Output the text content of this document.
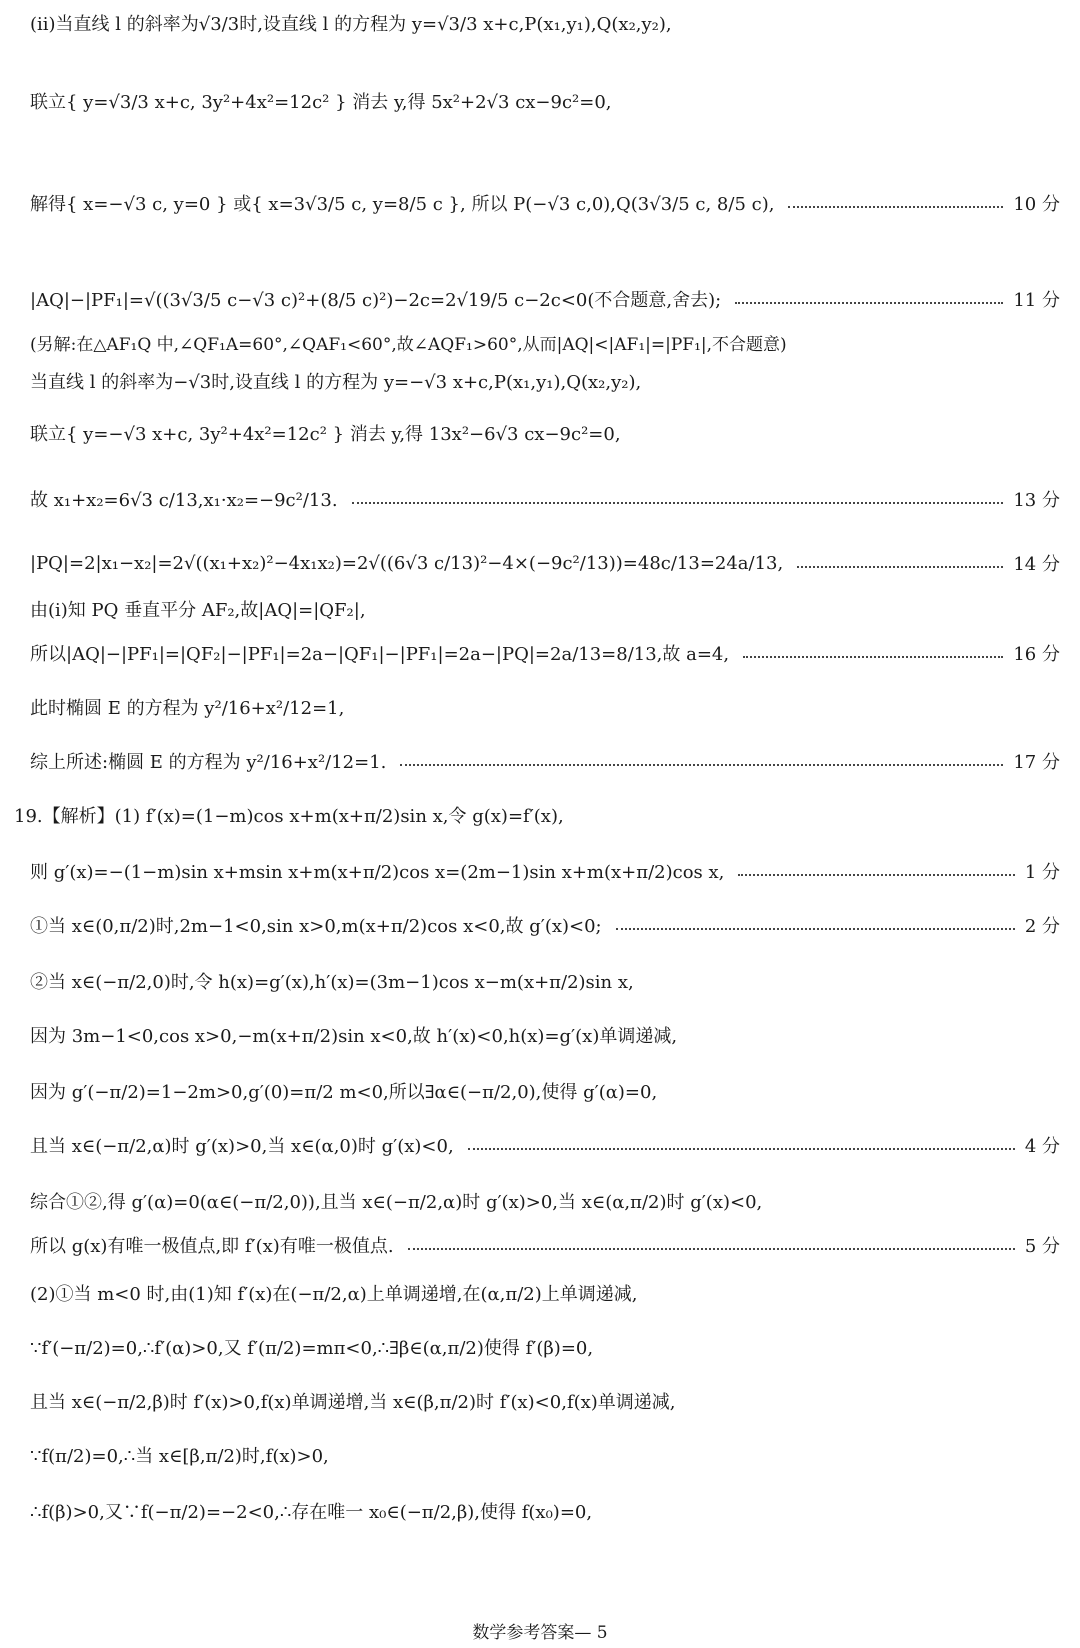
(ⅱ)当直线 l 的斜率为√3/3时,设直线 l 的方程为 y=√3/3 x+c,P(x₁,y₁),Q(x₂,y₂),
联立{ y=√3/3 x+c, 3y²+4x²=12c² } 消去 y,得 5x²+2√3 cx−9c²=0,
解得{ x=−√3 c, y=0 } 或{ x=3√3/5 c, y=8/5 c }, 所以 P(−√3 c,0),Q(3√3/5 c, 8/5 c),	10 分
|AQ|−|PF₁|=√((3√3/5 c−√3 c)²+(8/5 c)²)−2c=2√19/5 c−2c<0(不合题意,舍去);	11 分
(另解:在△AF₁Q 中,∠QF₁A=60°,∠QAF₁<60°,故∠AQF₁>60°,从而|AQ|<|AF₁|=|PF₁|,不合题意)
当直线 l 的斜率为−√3时,设直线 l 的方程为 y=−√3 x+c,P(x₁,y₁),Q(x₂,y₂),
联立{ y=−√3 x+c, 3y²+4x²=12c² } 消去 y,得 13x²−6√3 cx−9c²=0,
故 x₁+x₂=6√3 c/13,x₁·x₂=−9c²/13.	13 分
|PQ|=2|x₁−x₂|=2√((x₁+x₂)²−4x₁x₂)=2√((6√3 c/13)²−4×(−9c²/13))=48c/13=24a/13,	14 分
由(ⅰ)知 PQ 垂直平分 AF₂,故|AQ|=|QF₂|,
所以|AQ|−|PF₁|=|QF₂|−|PF₁|=2a−|QF₁|−|PF₁|=2a−|PQ|=2a/13=8/13,故 a=4,	16 分
此时椭圆 E 的方程为 y²/16+x²/12=1,
综上所述:椭圆 E 的方程为 y²/16+x²/12=1.	17 分
19.【解析】(1) f′(x)=(1−m)cos x+m(x+π/2)sin x,令 g(x)=f′(x),
则 g′(x)=−(1−m)sin x+msin x+m(x+π/2)cos x=(2m−1)sin x+m(x+π/2)cos x,	1 分
①当 x∈(0,π/2)时,2m−1<0,sin x>0,m(x+π/2)cos x<0,故 g′(x)<0;	2 分
②当 x∈(−π/2,0)时,令 h(x)=g′(x),h′(x)=(3m−1)cos x−m(x+π/2)sin x,
因为 3m−1<0,cos x>0,−m(x+π/2)sin x<0,故 h′(x)<0,h(x)=g′(x)单调递减,
因为 g′(−π/2)=1−2m>0,g′(0)=π/2 m<0,所以∃α∈(−π/2,0),使得 g′(α)=0,
且当 x∈(−π/2,α)时 g′(x)>0,当 x∈(α,0)时 g′(x)<0,	4 分
综合①②,得 g′(α)=0(α∈(−π/2,0)),且当 x∈(−π/2,α)时 g′(x)>0,当 x∈(α,π/2)时 g′(x)<0,
所以 g(x)有唯一极值点,即 f′(x)有唯一极值点.	5 分
(2)①当 m<0 时,由(1)知 f′(x)在(−π/2,α)上单调递增,在(α,π/2)上单调递减,
∵f′(−π/2)=0,∴f′(α)>0,又 f′(π/2)=mπ<0,∴∃β∈(α,π/2)使得 f′(β)=0,
且当 x∈(−π/2,β)时 f′(x)>0,f(x)单调递增,当 x∈(β,π/2)时 f′(x)<0,f(x)单调递减,
∵f(π/2)=0,∴当 x∈[β,π/2)时,f(x)>0,
∴f(β)>0,又∵f(−π/2)=−2<0,∴存在唯一 x₀∈(−π/2,β),使得 f(x₀)=0,
数学参考答案— 5
